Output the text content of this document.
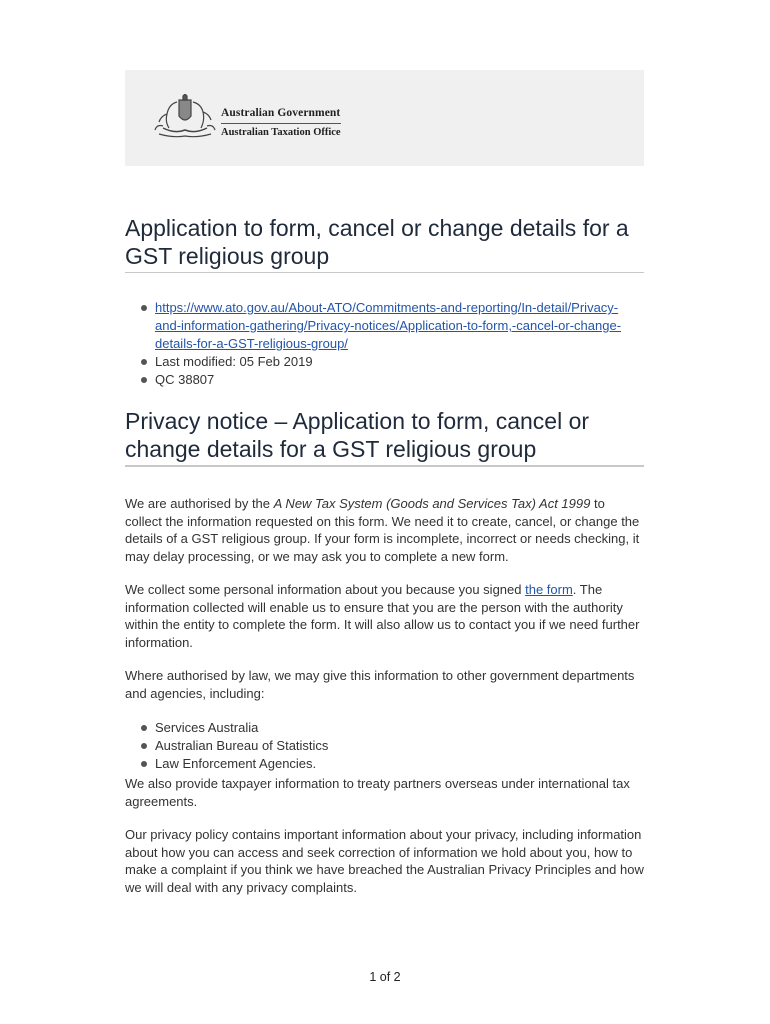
Australian Government
Australian Taxation Office
Application to form, cancel or change details for a GST religious group
https://www.ato.gov.au/About-ATO/Commitments-and-reporting/In-detail/Privacy-and-information-gathering/Privacy-notices/Application-to-form,-cancel-or-change-details-for-a-GST-religious-group/
Last modified: 05 Feb 2019
QC 38807
Privacy notice – Application to form, cancel or change details for a GST religious group

We are authorised by the A New Tax System (Goods and Services Tax) Act 1999 to collect the information requested on this form. We need it to create, cancel, or change the details of a GST religious group. If your form is incomplete, incorrect or needs checking, it may delay processing, or we may ask you to complete a new form.

We collect some personal information about you because you signed the form. The information collected will enable us to ensure that you are the person with the authority within the entity to complete the form. It will also allow us to contact you if we need further information.

Where authorised by law, we may give this information to other government departments and agencies, including:

Services Australia
Australian Bureau of Statistics
Law Enforcement Agencies.

We also provide taxpayer information to treaty partners overseas under international tax agreements.

Our privacy policy contains important information about your privacy, including information about how you can access and seek correction of information we hold about you, how to make a complaint if you think we have breached the Australian Privacy Principles and how we will deal with any privacy complaints.

1 of 2
